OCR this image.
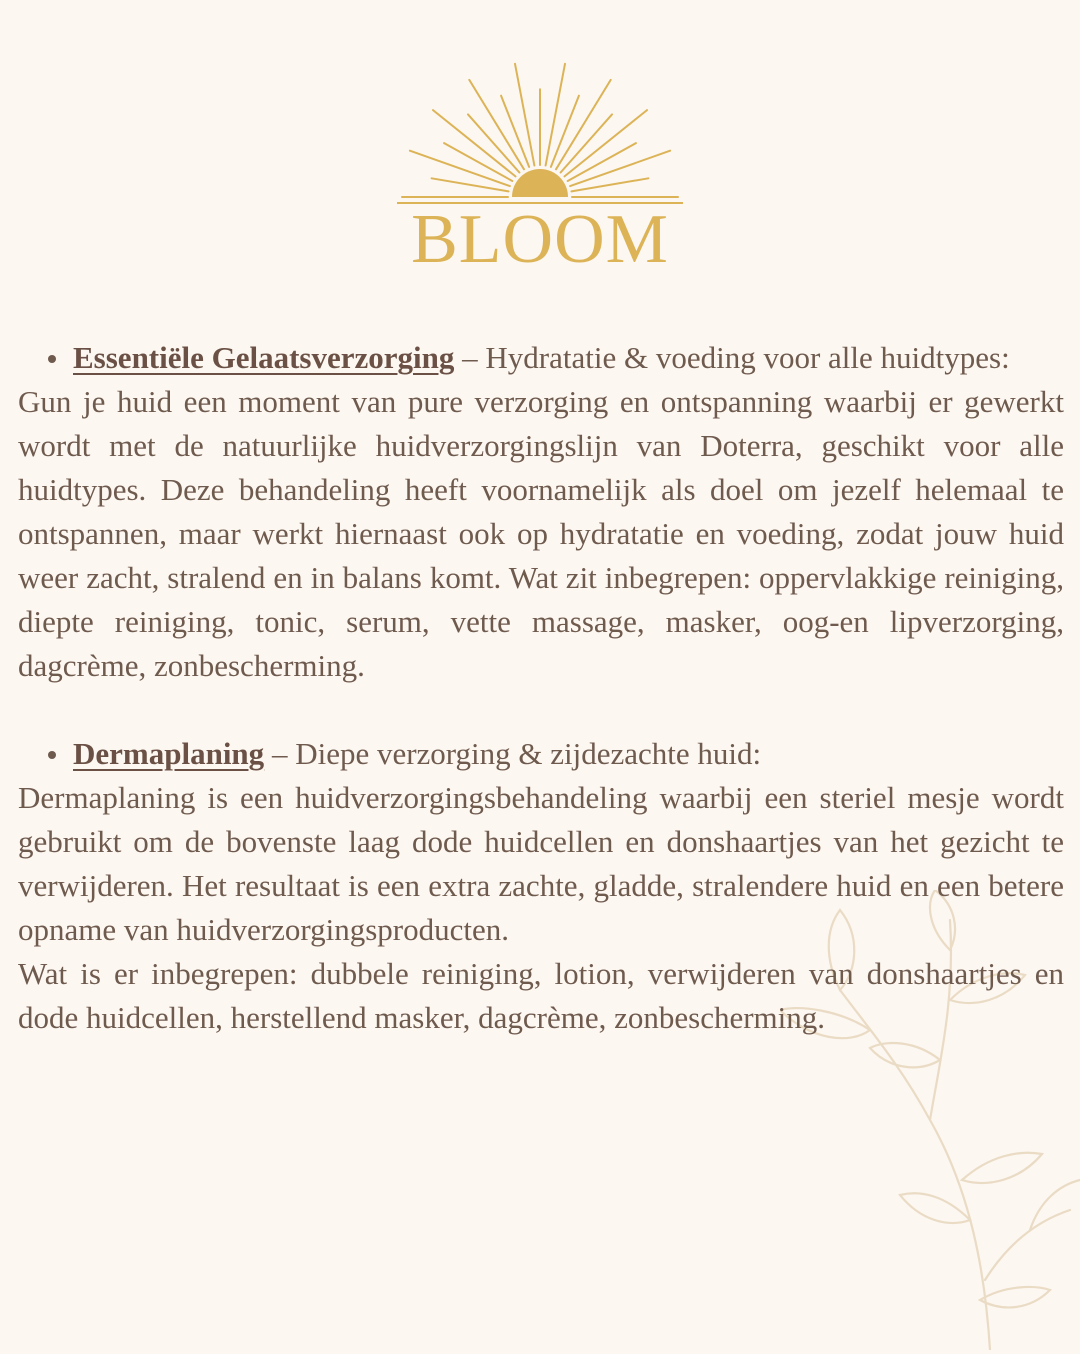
BLOOM

Essentiële Gelaatsverzorging – Hydratatie & voeding voor alle huidtypes:

Gun je huid een moment van pure verzorging en ontspanning waarbij er gewerkt wordt met de natuurlijke huidverzorgingslijn van Doterra, geschikt voor alle huidtypes. Deze behandeling heeft voornamelijk als doel om jezelf helemaal te ontspannen, maar werkt hiernaast ook op hydratatie en voeding, zodat jouw huid weer zacht, stralend en in balans komt. Wat zit inbegrepen: oppervlakkige reiniging, diepte reiniging, tonic, serum, vette massage, masker, oog-en lipverzorging, dagcrème, zonbescherming.

Dermaplaning – Diepe verzorging & zijdezachte huid:

Dermaplaning is een huidverzorgingsbehandeling waarbij een steriel mesje wordt gebruikt om de bovenste laag dode huidcellen en donshaartjes van het gezicht te verwijderen. Het resultaat is een extra zachte, gladde, stralendere huid en een betere opname van huidverzorgingsproducten.

Wat is er inbegrepen: dubbele reiniging, lotion, verwijderen van donshaartjes en dode huidcellen, herstellend masker, dagcrème, zonbescherming.
